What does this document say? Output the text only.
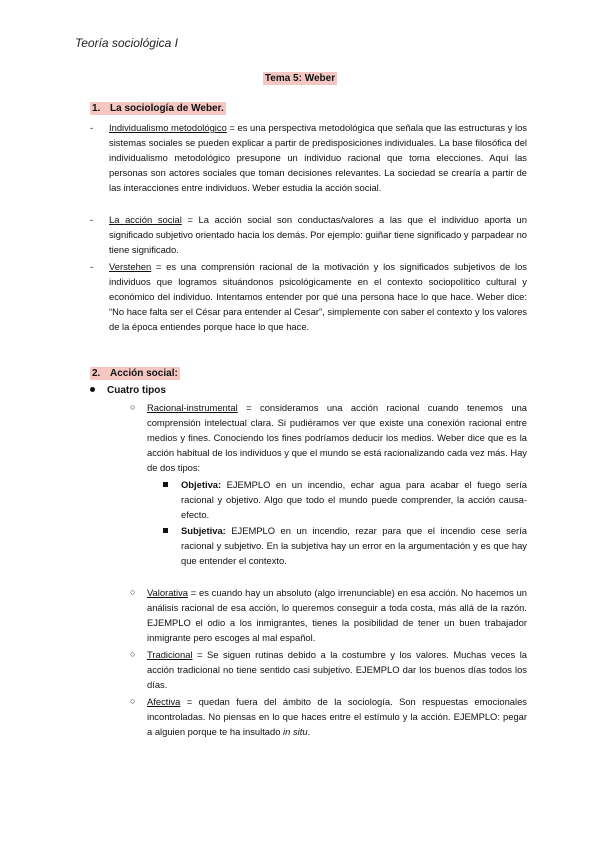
Teoría sociológica I
Tema 5: Weber
1. La sociología de Weber.
- Individualismo metodológico = es una perspectiva metodológica que señala que las estructuras y los sistemas sociales se pueden explicar a partir de predisposiciones individuales. La base filosófica del individualismo metodológico presupone un individuo racional que toma elecciones. Aquí las personas son actores sociales que toman decisiones relevantes. La sociedad se crearía a partir de las interacciones entre individuos. Weber estudia la acción social.
- La acción social = La acción social son conductas/valores a las que el individuo aporta un significado subjetivo orientado hacia los demás. Por ejemplo: guiñar tiene significado y parpadear no tiene significado.
- Verstehen = es una comprensión racional de la motivación y los significados subjetivos de los individuos que logramos situándonos psicológicamente en el contexto sociopolítico cultural y económico del individuo. Intentamos entender por qué una persona hace lo que hace. Weber dice: “No hace falta ser el César para entender al Cesar”, simplemente con saber el contexto y los valores de la época entiendes porque hace lo que hace.
2. Acción social:
Cuatro tipos
○ Racional-instrumental = consideramos una acción racional cuando tenemos una comprensión intelectual clara. Si pudiéramos ver que existe una conexión racional entre medios y fines. Conociendo los fines podríamos deducir los medios. Weber dice que es la acción habitual de los individuos y que el mundo se está racionalizando cada vez más. Hay de dos tipos:
Objetiva: EJEMPLO en un incendio, echar agua para acabar el fuego sería racional y objetivo. Algo que todo el mundo puede comprender, la acción causa-efecto.
Subjetiva: EJEMPLO en un incendio, rezar para que el incendio cese sería racional y subjetivo. En la subjetiva hay un error en la argumentación y es que hay que entender el contexto.
○ Valorativa = es cuando hay un absoluto (algo irrenunciable) en esa acción. No hacemos un análisis racional de esa acción, lo queremos conseguir a toda costa, más allá de la razón. EJEMPLO el odio a los inmigrantes, tienes la posibilidad de tener un buen trabajador inmigrante pero escoges al mal español.
○ Tradicional = Se siguen rutinas debido a la costumbre y los valores. Muchas veces la acción tradicional no tiene sentido casi subjetivo. EJEMPLO dar los buenos días todos los días.
○ Afectiva = quedan fuera del ámbito de la sociología. Son respuestas emocionales incontroladas. No piensas en lo que haces entre el estímulo y la acción. EJEMPLO: pegar a alguien porque te ha insultado in situ.
